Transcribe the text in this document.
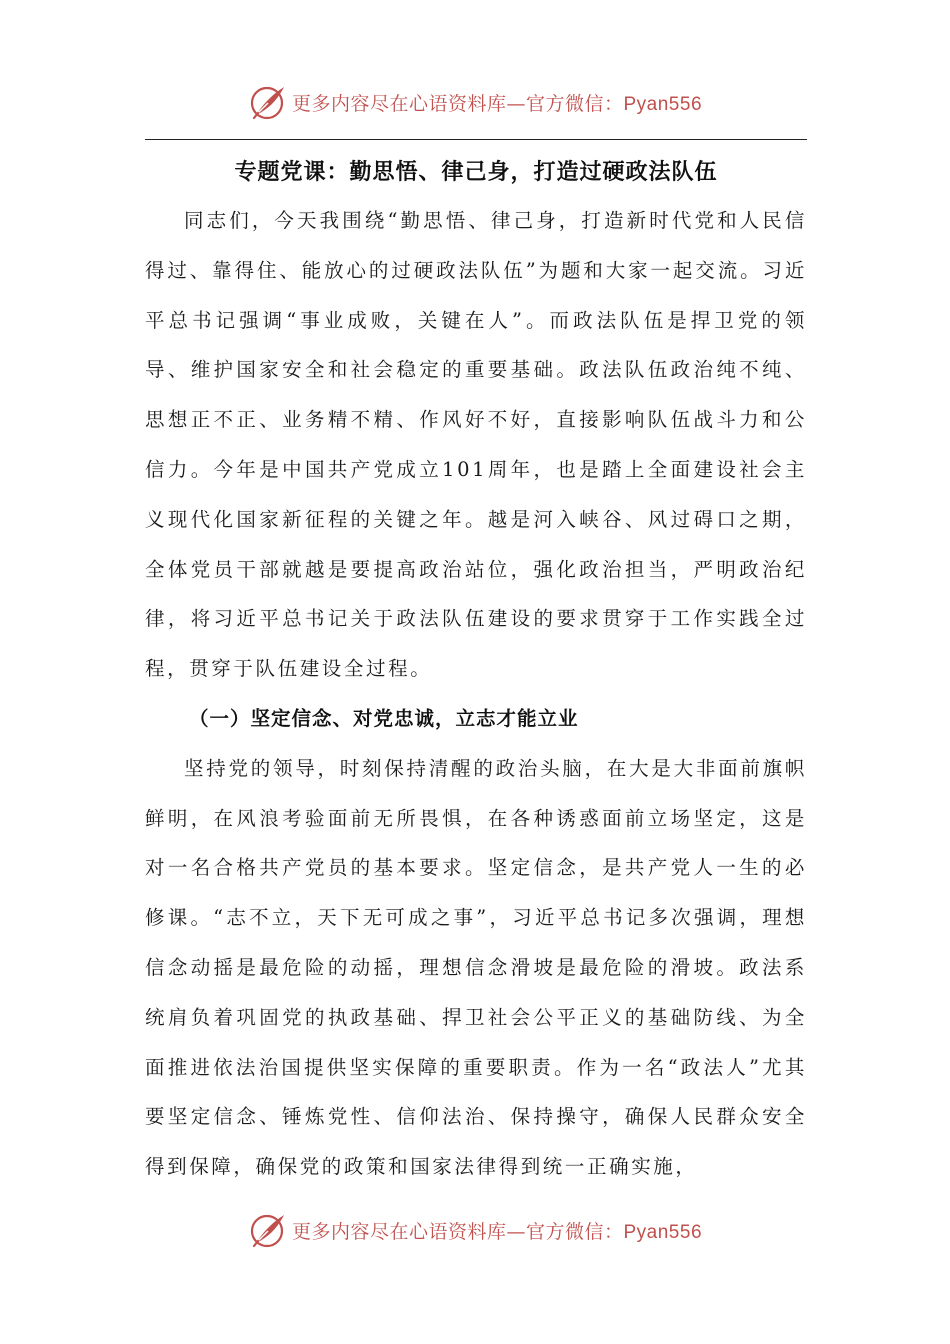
更多内容尽在心语资料库—官方微信：Pyan556
专题党课：勤思悟、律己身，打造过硬政法队伍

同志们，今天我围绕“勤思悟、律己身，打造新时代党和人民信得过、靠得住、能放心的过硬政法队伍”为题和大家一起交流。习近平总书记强调“事业成败，关键在人”。而政法队伍是捍卫党的领导、维护国家安全和社会稳定的重要基础。政法队伍政治纯不纯、思想正不正、业务精不精、作风好不好，直接影响队伍战斗力和公信力。今年是中国共产党成立101周年，也是踏上全面建设社会主义现代化国家新征程的关键之年。越是河入峡谷、风过碍口之期，全体党员干部就越是要提高政治站位，强化政治担当，严明政治纪律，将习近平总书记关于政法队伍建设的要求贯穿于工作实践全过程，贯穿于队伍建设全过程。

（一）坚定信念、对党忠诚，立志才能立业

坚持党的领导，时刻保持清醒的政治头脑，在大是大非面前旗帜鲜明，在风浪考验面前无所畏惧，在各种诱惑面前立场坚定，这是对一名合格共产党员的基本要求。坚定信念，是共产党人一生的必修课。“志不立，天下无可成之事”，习近平总书记多次强调，理想信念动摇是最危险的动摇，理想信念滑坡是最危险的滑坡。政法系统肩负着巩固党的执政基础、捍卫社会公平正义的基础防线、为全面推进依法治国提供坚实保障的重要职责。作为一名“政法人”尤其要坚定信念、锤炼党性、信仰法治、保持操守，确保人民群众安全得到保障，确保党的政策和国家法律得到统一正确实施，

更多内容尽在心语资料库—官方微信：Pyan556
